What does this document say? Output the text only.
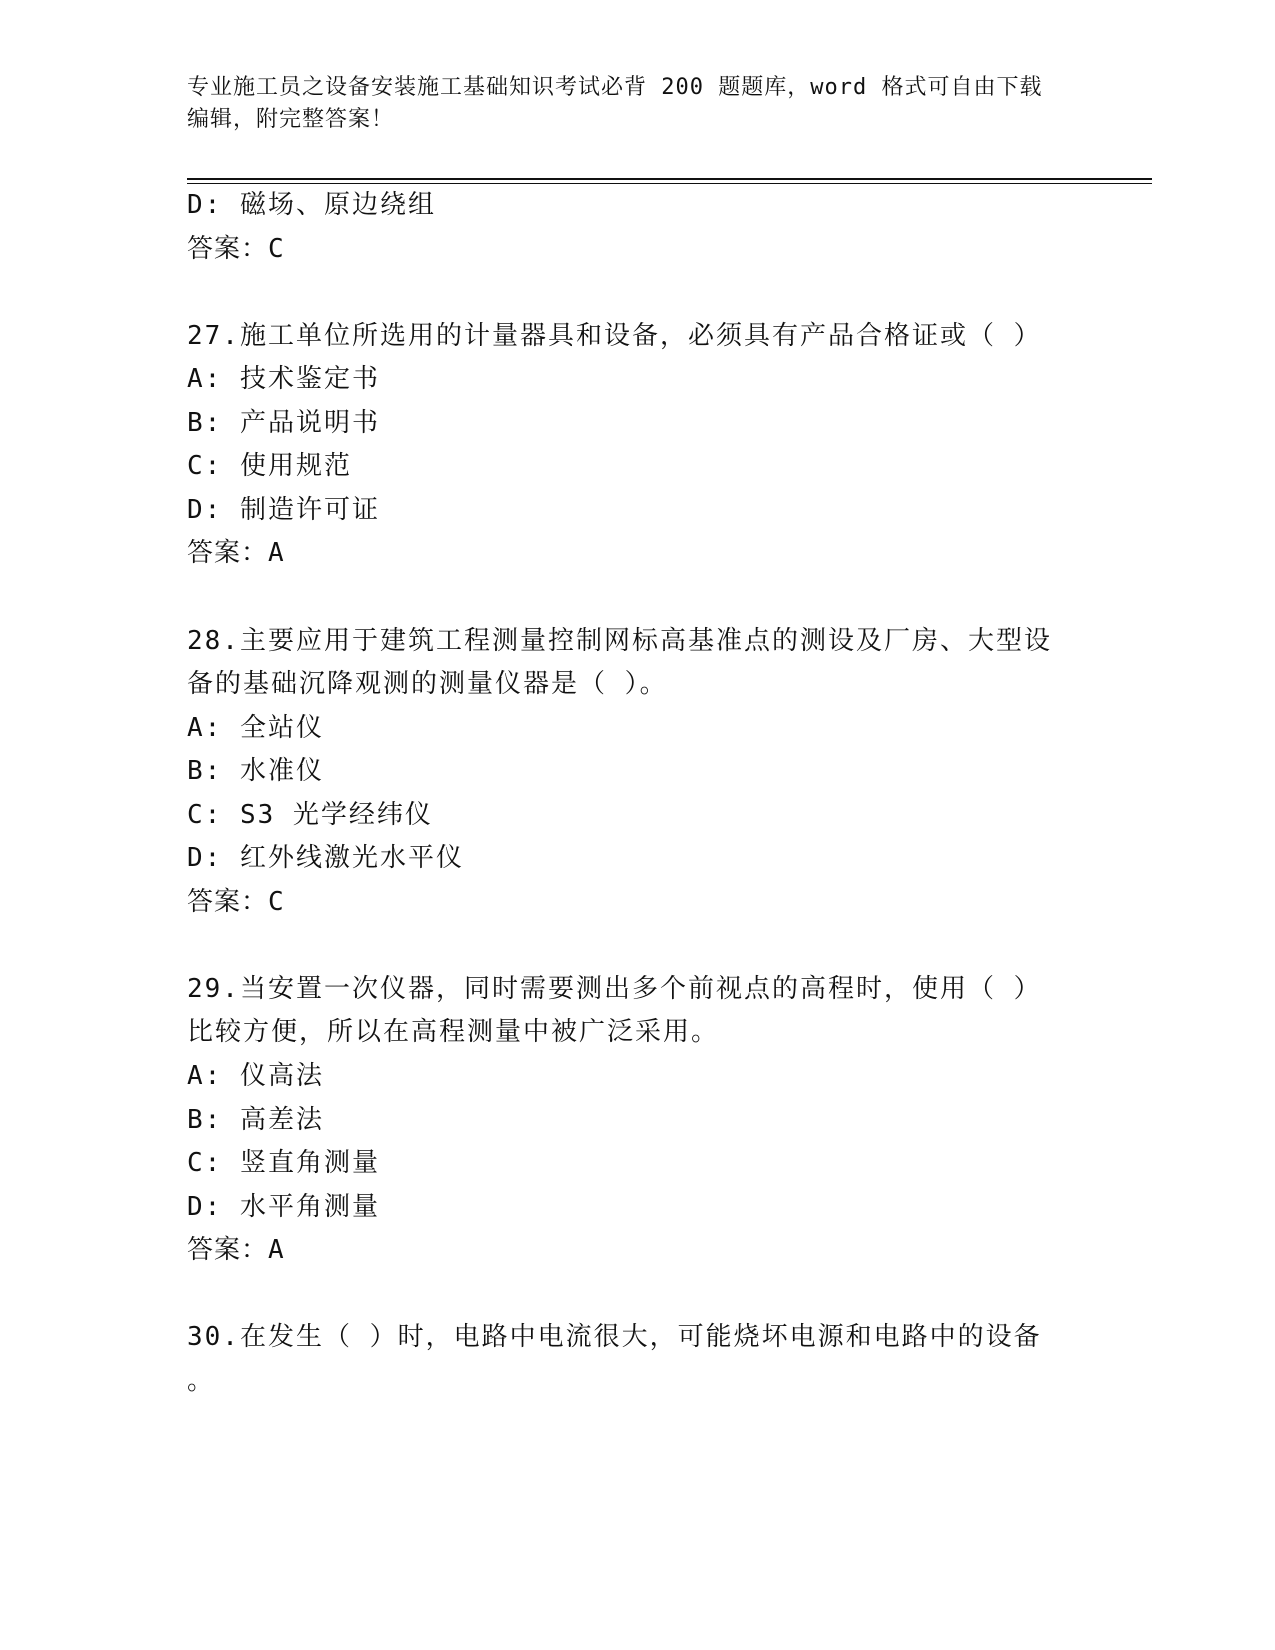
专业施工员之设备安装施工基础知识考试必背 200 题题库，word 格式可自由下载
编辑，附完整答案！
D: 磁场、原边绕组
答案：C
27.施工单位所选用的计量器具和设备，必须具有产品合格证或（ ）
A: 技术鉴定书
B: 产品说明书
C: 使用规范
D: 制造许可证
答案：A
28.主要应用于建筑工程测量控制网标高基准点的测设及厂房、大型设
备的基础沉降观测的测量仪器是（ ）。
A: 全站仪
B: 水准仪
C: S3 光学经纬仪
D: 红外线激光水平仪
答案：C
29.当安置一次仪器，同时需要测出多个前视点的高程时，使用（ ）
比较方便，所以在高程测量中被广泛采用。
A: 仪高法
B: 高差法
C: 竖直角测量
D: 水平角测量
答案：A
30.在发生（ ）时，电路中电流很大，可能烧坏电源和电路中的设备
。
